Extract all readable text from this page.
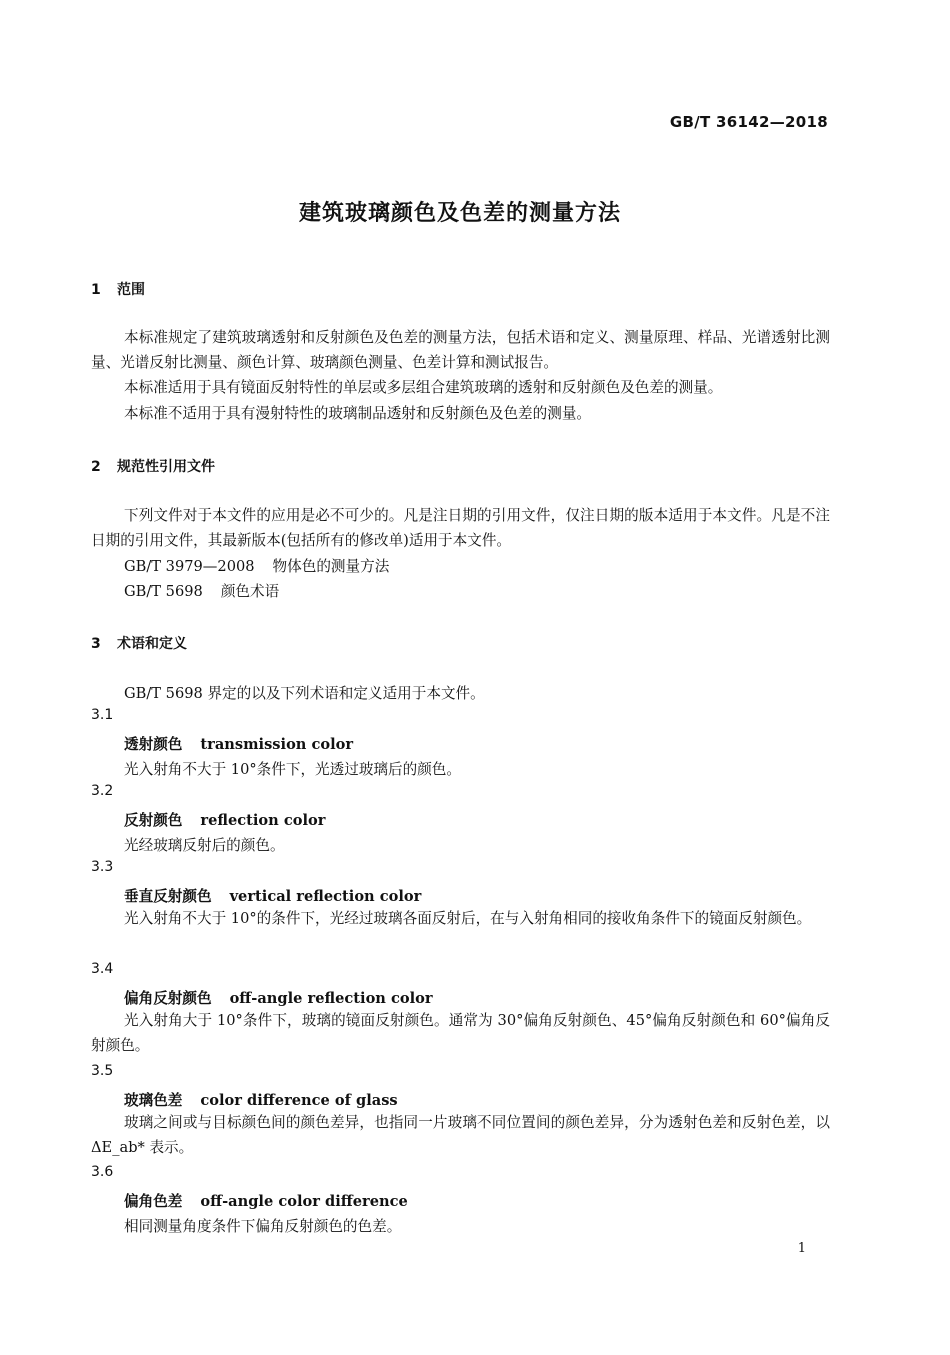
GB/T 36142—2018
建筑玻璃颜色及色差的测量方法
1 范围
本标准规定了建筑玻璃透射和反射颜色及色差的测量方法，包括术语和定义、测量原理、样品、光谱透射比测量、光谱反射比测量、颜色计算、玻璃颜色测量、色差计算和测试报告。
本标准适用于具有镜面反射特性的单层或多层组合建筑玻璃的透射和反射颜色及色差的测量。
本标准不适用于具有漫射特性的玻璃制品透射和反射颜色及色差的测量。
2 规范性引用文件
下列文件对于本文件的应用是必不可少的。凡是注日期的引用文件，仅注日期的版本适用于本文件。凡是不注日期的引用文件，其最新版本(包括所有的修改单)适用于本文件。
GB/T 3979—2008 物体色的测量方法
GB/T 5698 颜色术语
3 术语和定义
GB/T 5698 界定的以及下列术语和定义适用于本文件。
3.1
透射颜色 transmission color
光入射角不大于 10°条件下，光透过玻璃后的颜色。
3.2
反射颜色 reflection color
光经玻璃反射后的颜色。
3.3
垂直反射颜色 vertical reflection color
光入射角不大于 10°的条件下，光经过玻璃各面反射后，在与入射角相同的接收角条件下的镜面反射颜色。
3.4
偏角反射颜色 off-angle reflection color
光入射角大于 10°条件下，玻璃的镜面反射颜色。通常为 30°偏角反射颜色、45°偏角反射颜色和 60°偏角反射颜色。
3.5
玻璃色差 color difference of glass
玻璃之间或与目标颜色间的颜色差异，也指同一片玻璃不同位置间的颜色差异，分为透射色差和反射色差，以 ΔE_ab* 表示。
3.6
偏角色差 off-angle color difference
相同测量角度条件下偏角反射颜色的色差。
1
